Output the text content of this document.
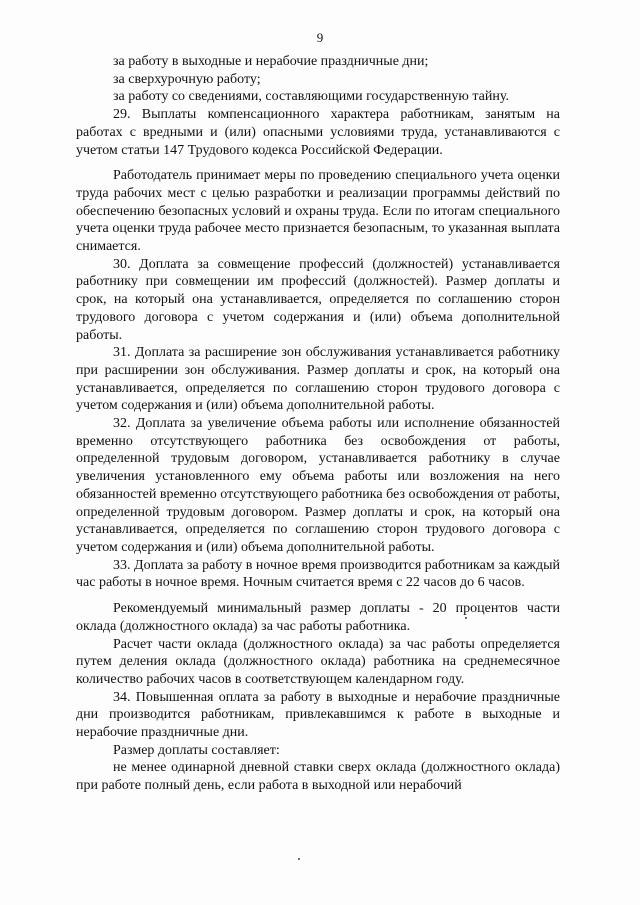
9

за работу в выходные и нерабочие праздничные дни;

за сверхурочную работу;

за работу со сведениями, составляющими государственную тайну.

29. Выплаты компенсационного характера работникам, занятым на работах с вредными и (или) опасными условиями труда, устанавливаются с учетом статьи 147 Трудового кодекса Российской Федерации.

Работодатель принимает меры по проведению специального учета оценки труда рабочих мест с целью разработки и реализации программы действий по обеспечению безопасных условий и охраны труда. Если по итогам специального учета оценки труда рабочее место признается безопасным, то указанная выплата снимается.

30. Доплата за совмещение профессий (должностей) устанавливается работнику при совмещении им профессий (должностей). Размер доплаты и срок, на который она устанавливается, определяется по соглашению сторон трудового договора с учетом содержания и (или) объема дополнительной работы.

31. Доплата за расширение зон обслуживания устанавливается работнику при расширении зон обслуживания. Размер доплаты и срок, на который она устанавливается, определяется по соглашению сторон трудового договора с учетом содержания и (или) объема дополнительной работы.

32. Доплата за увеличение объема работы или исполнение обязанностей временно отсутствующего работника без освобождения от работы, определенной трудовым договором, устанавливается работнику в случае увеличения установленного ему объема работы или возложения на него обязанностей временно отсутствующего работника без освобождения от работы, определенной трудовым договором. Размер доплаты и срок, на который она устанавливается, определяется по соглашению сторон трудового договора с учетом содержания и (или) объема дополнительной работы.

33. Доплата за работу в ночное время производится работникам за каждый час работы в ночное время. Ночным считается время с 22 часов до 6 часов.

Рекомендуемый минимальный размер доплаты - 20 процентов части оклада (должностного оклада) за час работы работника.

Расчет части оклада (должностного оклада) за час работы определяется путем деления оклада (должностного оклада) работника на среднемесячное количество рабочих часов в соответствующем календарном году.

34. Повышенная оплата за работу в выходные и нерабочие праздничные дни производится работникам, привлекавшимся к работе в выходные и нерабочие праздничные дни.

Размер доплаты составляет:

не менее одинарной дневной ставки сверх оклада (должностного оклада) при работе полный день, если работа в выходной или нерабочий
